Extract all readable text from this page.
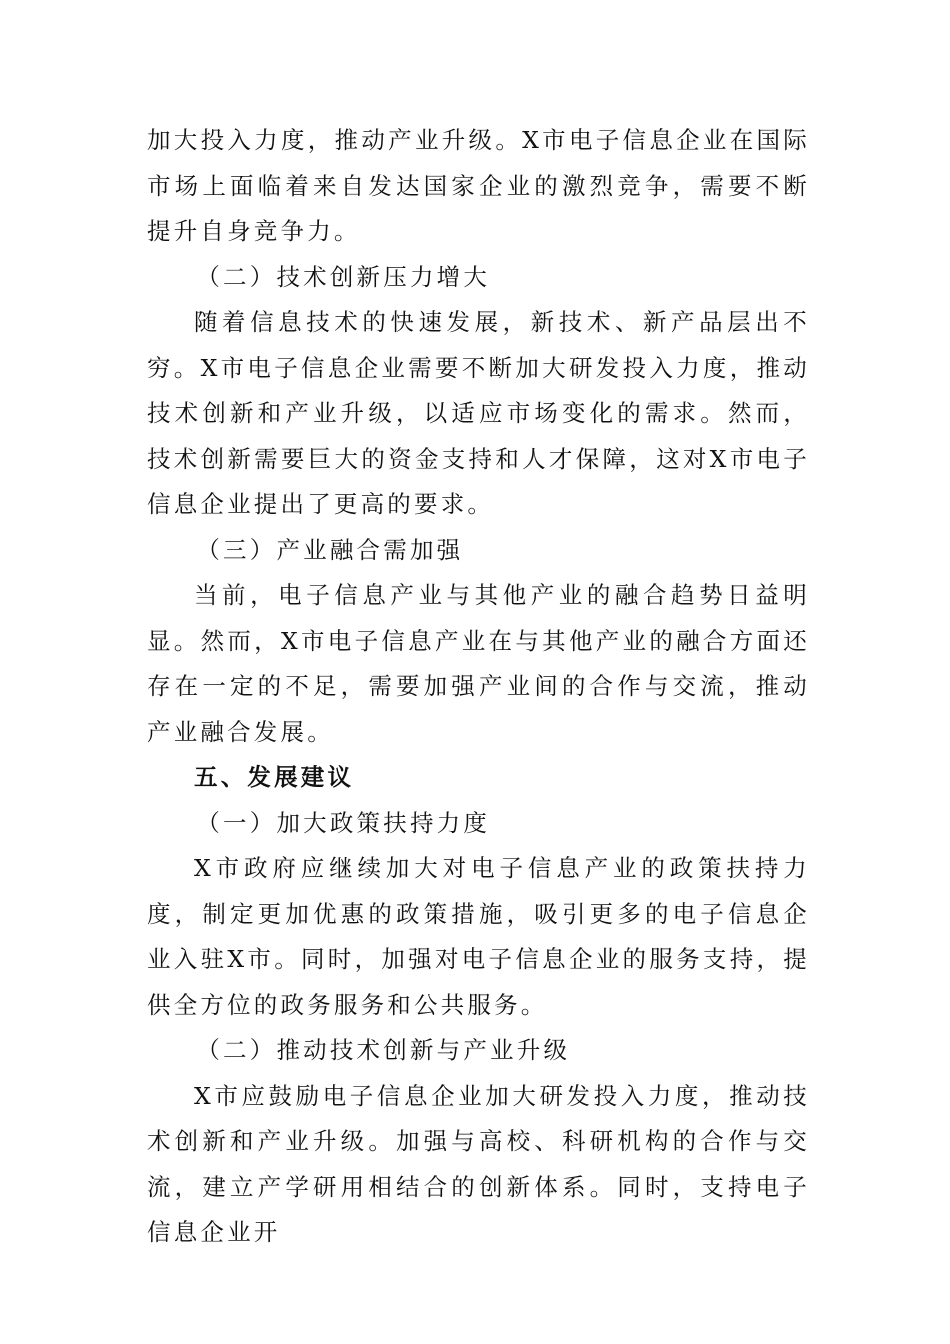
加大投入力度，推动产业升级。X市电子信息企业在国际市场上面临着来自发达国家企业的激烈竞争，需要不断提升自身竞争力。

（二）技术创新压力增大

随着信息技术的快速发展，新技术、新产品层出不穷。X市电子信息企业需要不断加大研发投入力度，推动技术创新和产业升级，以适应市场变化的需求。然而，技术创新需要巨大的资金支持和人才保障，这对X市电子信息企业提出了更高的要求。

（三）产业融合需加强

当前，电子信息产业与其他产业的融合趋势日益明显。然而，X市电子信息产业在与其他产业的融合方面还存在一定的不足，需要加强产业间的合作与交流，推动产业融合发展。

五、发展建议

（一）加大政策扶持力度

X市政府应继续加大对电子信息产业的政策扶持力度，制定更加优惠的政策措施，吸引更多的电子信息企业入驻X市。同时，加强对电子信息企业的服务支持，提供全方位的政务服务和公共服务。

（二）推动技术创新与产业升级

X市应鼓励电子信息企业加大研发投入力度，推动技术创新和产业升级。加强与高校、科研机构的合作与交流，建立产学研用相结合的创新体系。同时，支持电子信息企业开
